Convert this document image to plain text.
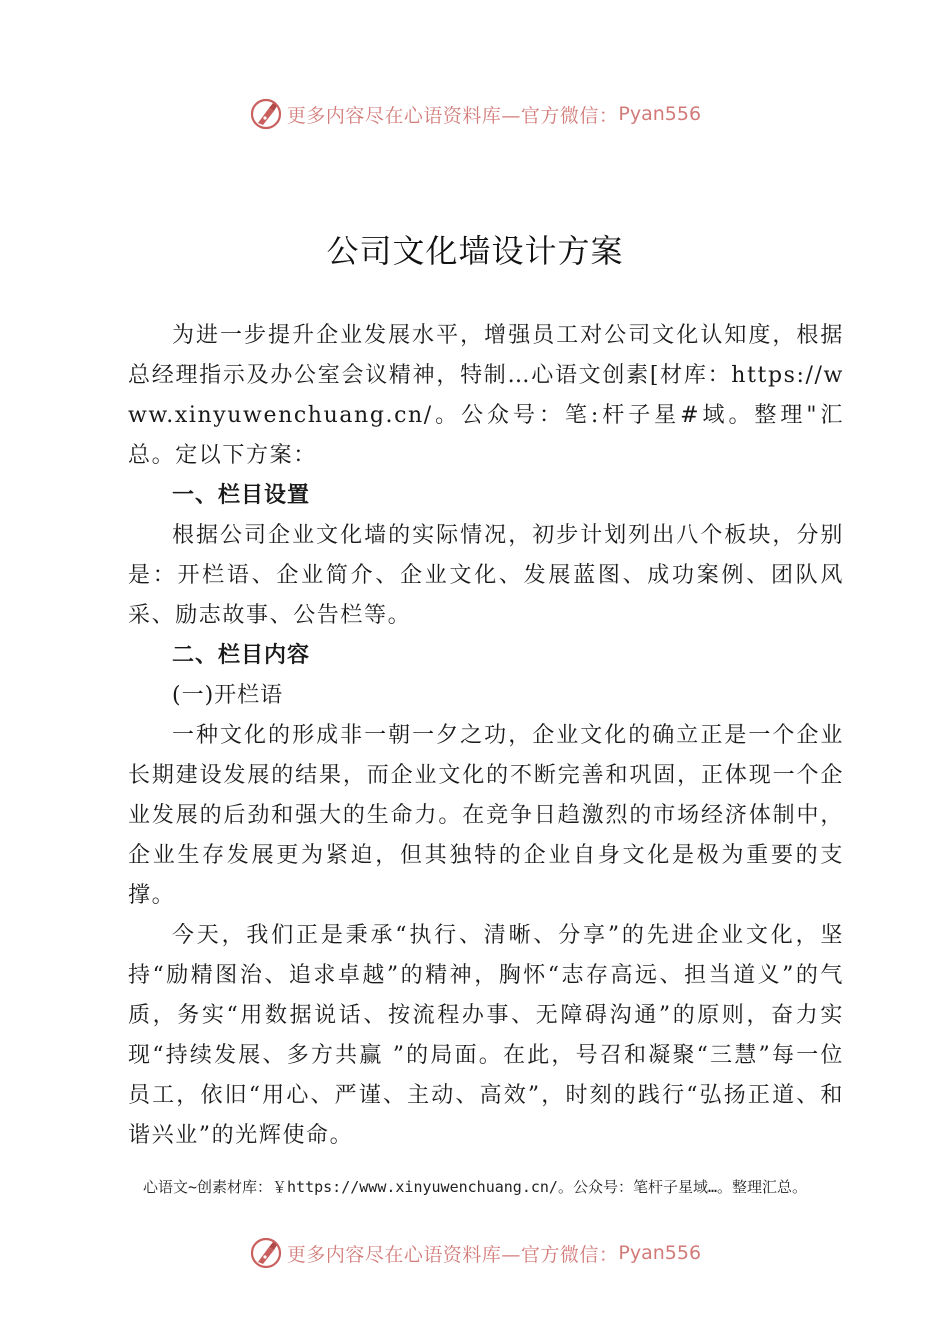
更多内容尽在心语资料库—官方微信： Pyan556
公司文化墙设计方案

为进一步提升企业发展水平，增强员工对公司文化认知度，根据总经理指示及办公室会议精神，特制…心语文创素[材库：https://www.xinyuwenchuang.cn/。公众号：笔:杆子星#域。整理"汇总。定以下方案：

一、栏目设置

根据公司企业文化墙的实际情况，初步计划列出八个板块，分别是：开栏语、企业简介、企业文化、发展蓝图、成功案例、团队风采、励志故事、公告栏等。

二、栏目内容

(一)开栏语

一种文化的形成非一朝一夕之功，企业文化的确立正是一个企业长期建设发展的结果，而企业文化的不断完善和巩固，正体现一个企业发展的后劲和强大的生命力。在竞争日趋激烈的市场经济体制中，企业生存发展更为紧迫，但其独特的企业自身文化是极为重要的支撑。

今天，我们正是秉承“执行、清晰、分享”的先进企业文化，坚持“励精图治、追求卓越”的精神，胸怀“志存高远、担当道义”的气质，务实“用数据说话、按流程办事、无障碍沟通”的原则，奋力实现“持续发展、多方共赢 ”的局面。在此，号召和凝聚“三慧”每一位员工，依旧“用心、严谨、主动、高效”，时刻的践行“弘扬正道、和谐兴业”的光辉使命。

心语文~创素材库：￥https://www.xinyuwenchuang.cn/。公众号：笔杆子星域…。整理汇总。
更多内容尽在心语资料库—官方微信： Pyan556
